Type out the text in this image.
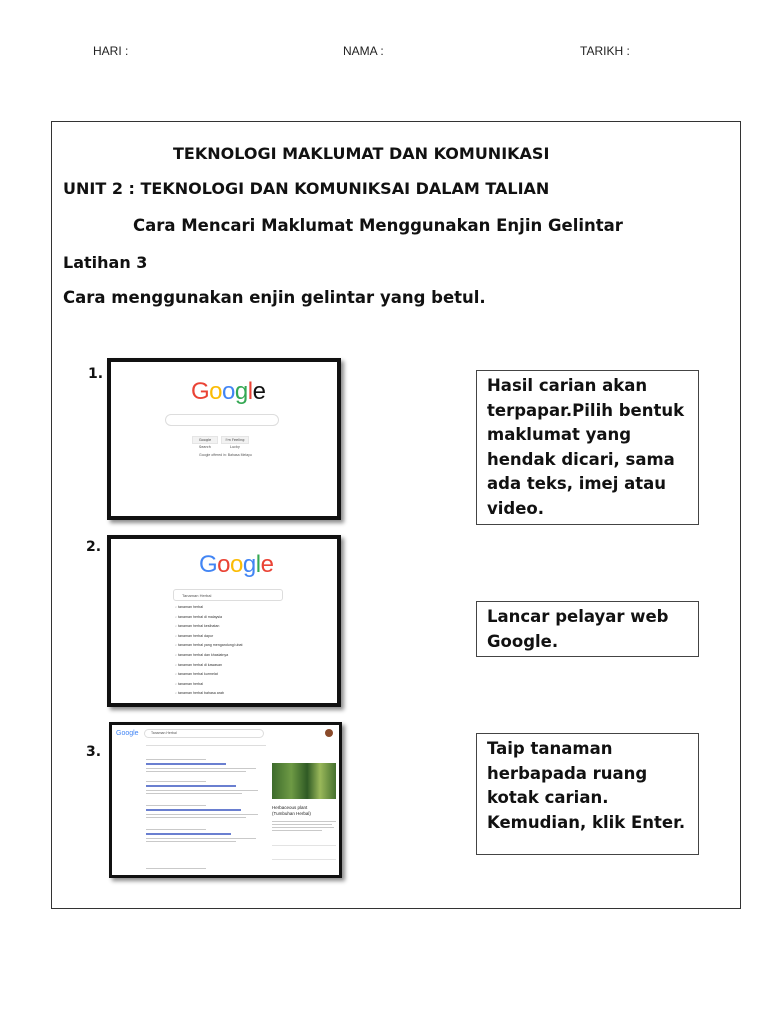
HARI :	NAMA :	TARIKH :
TEKNOLOGI MAKLUMAT DAN KOMUNIKASI
UNIT 2 : TEKNOLOGI DAN KOMUNIKSAI DALAM TALIAN
Cara Mencari Maklumat Menggunakan Enjin Gelintar
Latihan 3
Cara menggunakan enjin gelintar yang betul.
1.
2.
3.
Google
Google Search
I'm Feeling Lucky
Google offered in: Bahasa Melayu
Google
Tanaman Herbal
⌕ tanaman herbal
⌕ tanaman herbal di malaysia
⌕ tanaman herbal kesihatan
⌕ tanaman herbal dapur
⌕ tanaman herbal yang mengandungi ubat
⌕ tanaman herbal dan khasiatnya
⌕ tanaman herbal di kawasan
⌕ tanaman herbal kurmelat
⌕ tanaman herbal
⌕ tanaman herbal bahasa arab
Google	Tanaman Herbal
Herbaceous plant
(Tumbuhan Herbal)
Hasil carian akan terpapar.Pilih bentuk maklumat yang hendak dicari, sama ada teks, imej atau video.
Lancar pelayar web Google.
Taip tanaman herbapada ruang kotak carian. Kemudian, klik Enter.
